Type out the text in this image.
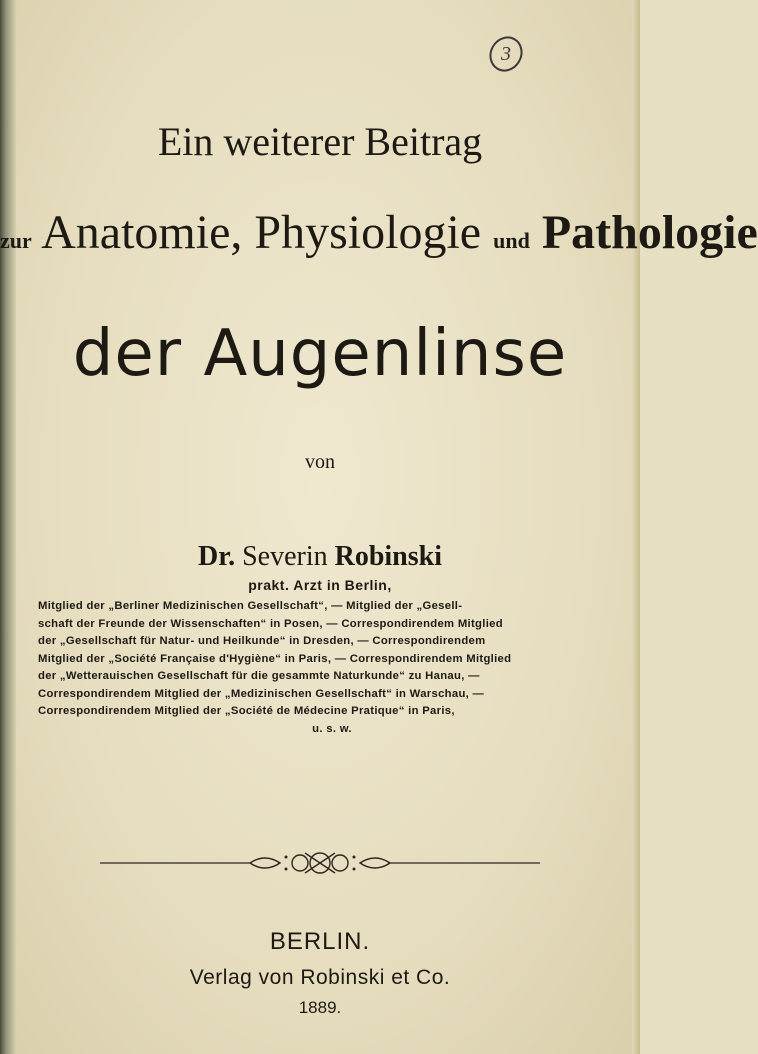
3
Ein weiterer Beitrag
zur Anatomie, Physiologie und Pathologie
der Augenlinse
von
Dr. Severin Robinski
prakt. Arzt in Berlin,

Mitglied der „Berliner Medizinischen Gesellschaft“, — Mitglied der „Gesell-

schaft der Freunde der Wissenschaften“ in Posen, — Correspondirendem Mitglied

der „Gesellschaft für Natur- und Heilkunde“ in Dresden, — Correspondirendem

Mitglied der „Société Française d'Hygiène“ in Paris, — Correspondirendem Mitglied

der „Wetterauischen Gesellschaft für die gesammte Naturkunde“ zu Hanau, —

Correspondirendem Mitglied der „Medizinischen Gesellschaft“ in Warschau, —

Correspondirendem Mitglied der „Société de Médecine Pratique“ in Paris,

u. s. w.

BERLIN.
Verlag von Robinski et Co.
1889.
